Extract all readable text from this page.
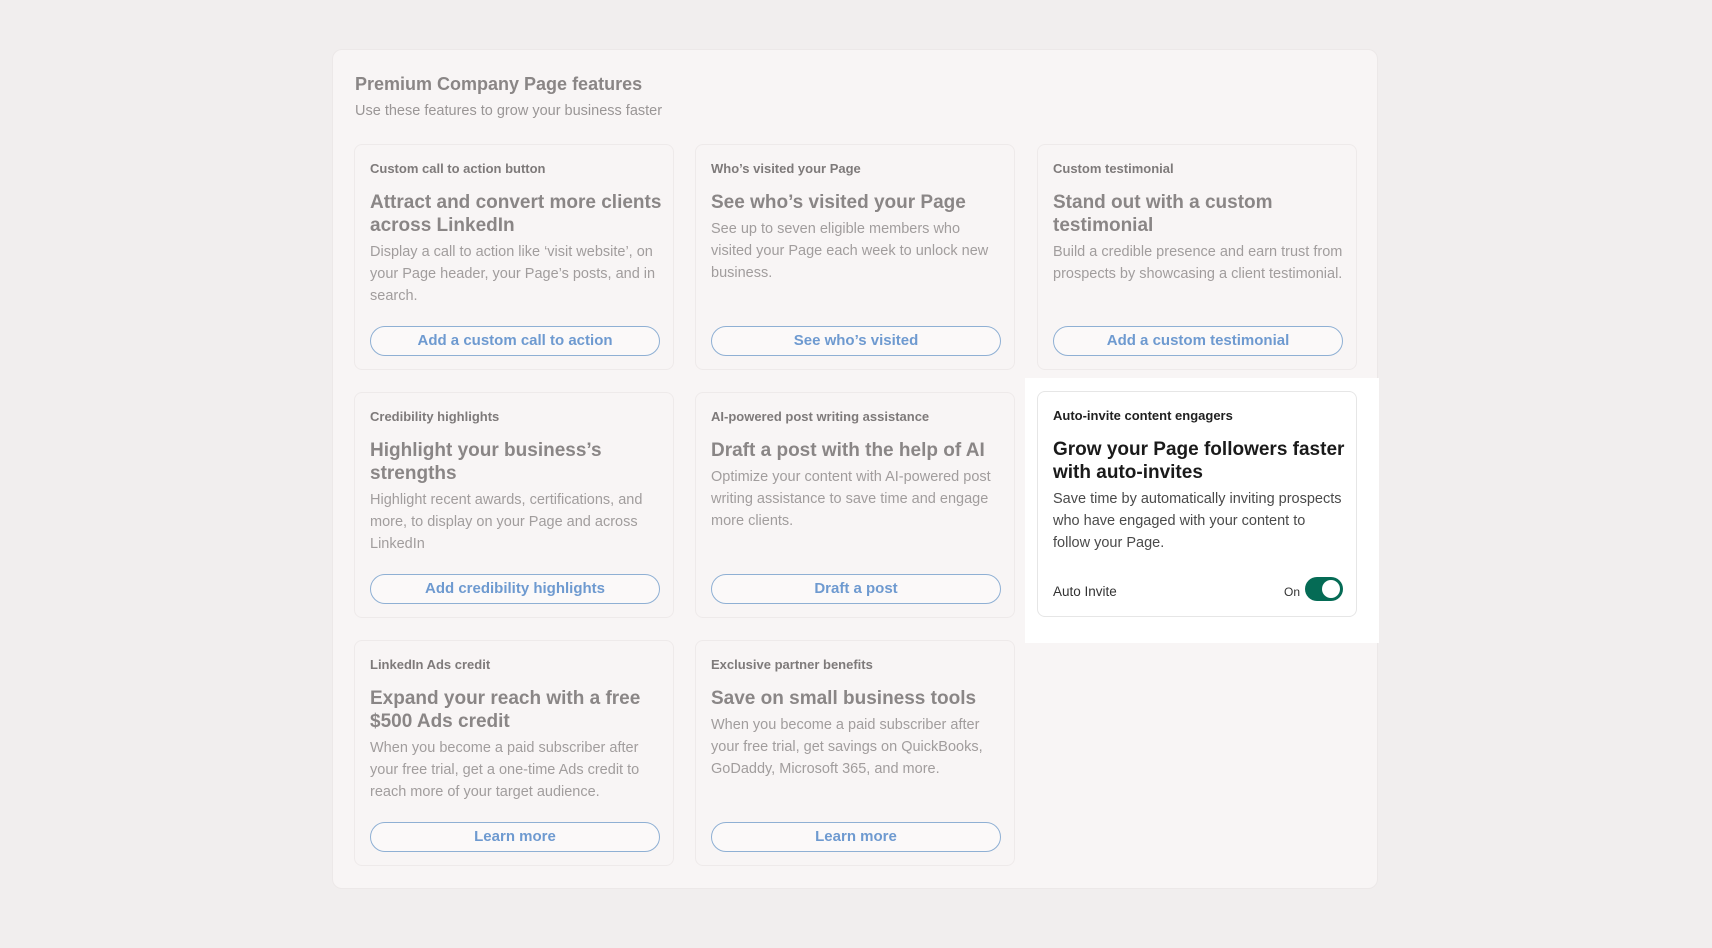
Premium Company Page features

Use these features to grow your business faster

Custom call to action button
Attract and convert more clients across LinkedIn
Display a call to action like ‘visit website’, on your Page header, your Page’s posts, and in search.
Add a custom call to action
Who’s visited your Page
See who’s visited your Page
See up to seven eligible members who visited your Page each week to unlock new business.
See who’s visited
Custom testimonial
Stand out with a custom testimonial
Build a credible presence and earn trust from prospects by showcasing a client testimonial.
Add a custom testimonial
Credibility highlights
Highlight your business’s strengths
Highlight recent awards, certifications, and more, to display on your Page and across LinkedIn
Add credibility highlights
AI-powered post writing assistance
Draft a post with the help of AI
Optimize your content with AI-powered post writing assistance to save time and engage more clients.
Draft a post
LinkedIn Ads credit
Expand your reach with a free $500 Ads credit
When you become a paid subscriber after your free trial, get a one-time Ads credit to reach more of your target audience.
Learn more
Exclusive partner benefits
Save on small business tools
When you become a paid subscriber after your free trial, get savings on QuickBooks, GoDaddy, Microsoft 365, and more.
Learn more
Auto-invite content engagers
Grow your Page followers faster with auto-invites
Save time by automatically inviting prospects who have engaged with your content to follow your Page.
Auto Invite	On
